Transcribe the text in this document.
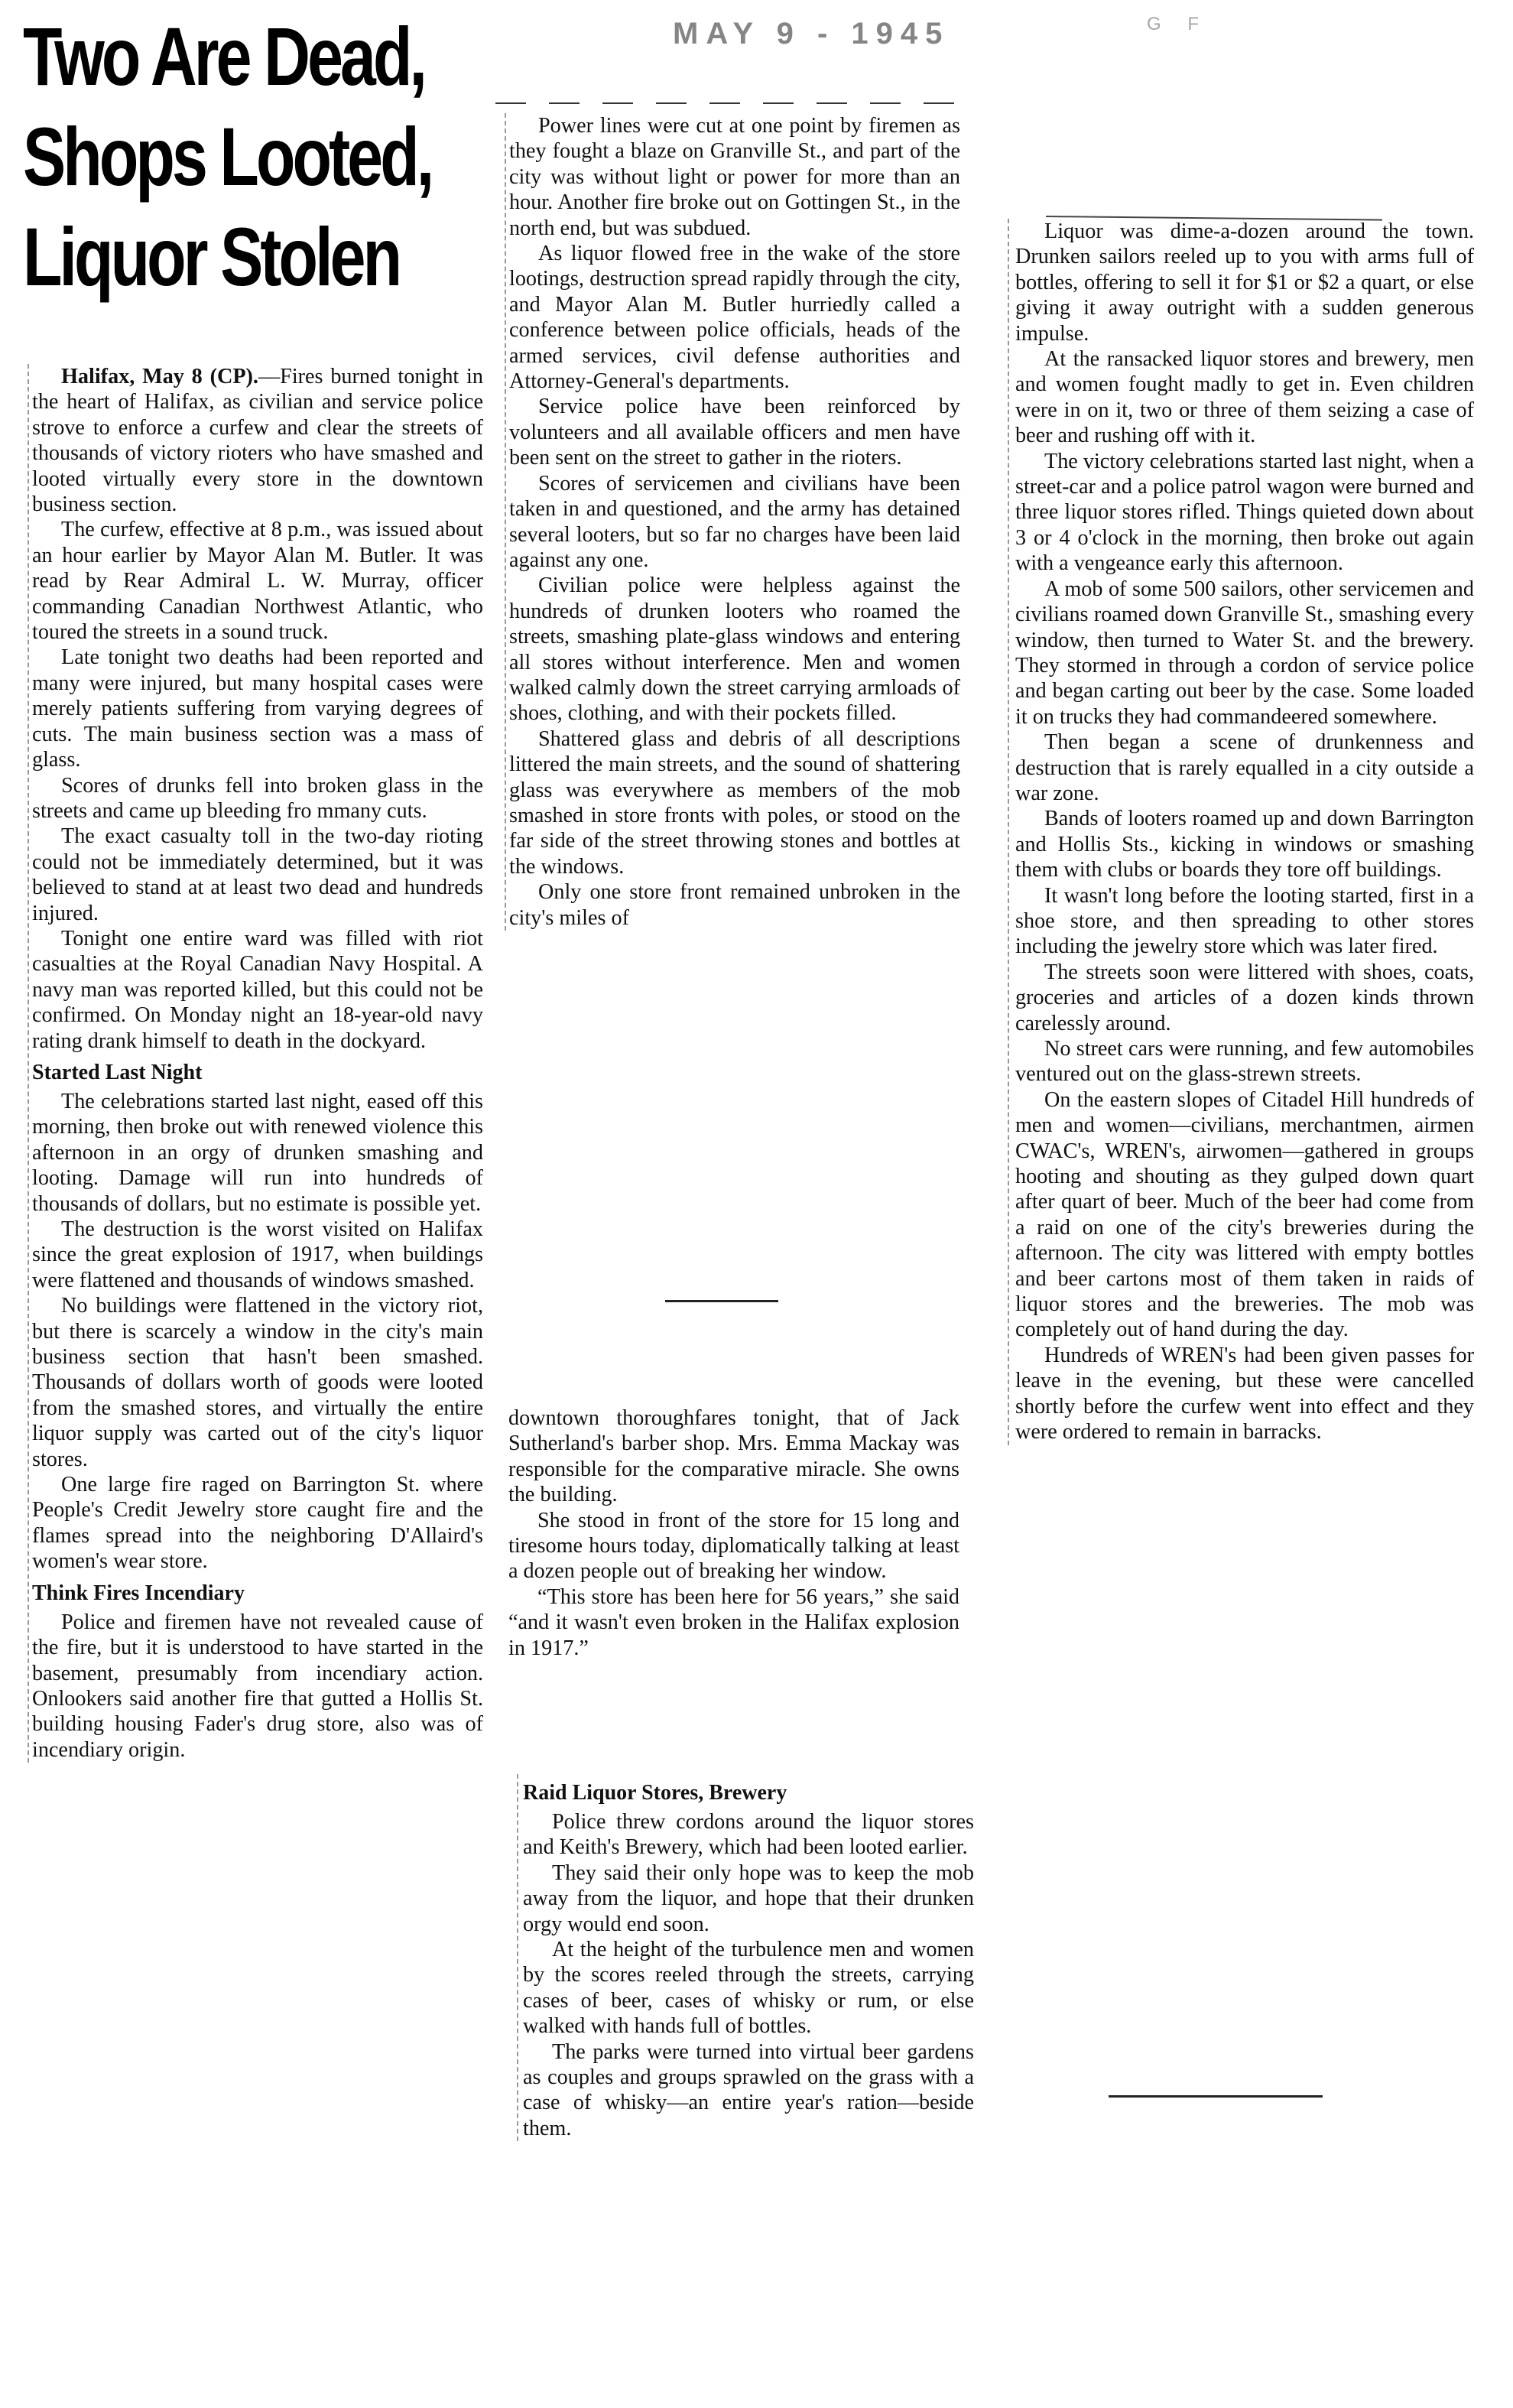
Two Are Dead,
Shops Looted,
Liquor Stolen
MAY 9 - 1945	G F

Halifax, May 8 (CP).—Fires burned tonight in the heart of Halifax, as civilian and service police strove to enforce a curfew and clear the streets of thousands of victory rioters who have smashed and looted virtually every store in the downtown business section.

The curfew, effective at 8 p.m., was issued about an hour earlier by Mayor Alan M. Butler. It was read by Rear Admiral L. W. Murray, officer commanding Canadian Northwest Atlantic, who toured the streets in a sound truck.

Late tonight two deaths had been reported and many were injured, but many hospital cases were merely patients suffering from varying degrees of cuts. The main business section was a mass of glass.

Scores of drunks fell into broken glass in the streets and came up bleeding fro mmany cuts.

The exact casualty toll in the two-day rioting could not be immediately determined, but it was believed to stand at at least two dead and hundreds injured.

Tonight one entire ward was filled with riot casualties at the Royal Canadian Navy Hospital. A navy man was reported killed, but this could not be confirmed. On Monday night an 18-year-old navy rating drank himself to death in the dockyard.

Started Last Night

The celebrations started last night, eased off this morning, then broke out with renewed violence this afternoon in an orgy of drunken smashing and looting. Damage will run into hundreds of thousands of dollars, but no estimate is possible yet.

The destruction is the worst visited on Halifax since the great explosion of 1917, when buildings were flattened and thousands of windows smashed.

No buildings were flattened in the victory riot, but there is scarcely a window in the city's main business section that hasn't been smashed. Thousands of dollars worth of goods were looted from the smashed stores, and virtually the entire liquor supply was carted out of the city's liquor stores.

One large fire raged on Barrington St. where People's Credit Jewelry store caught fire and the flames spread into the neighboring D'Allaird's women's wear store.

Think Fires Incendiary

Police and firemen have not revealed cause of the fire, but it is understood to have started in the basement, presumably from incendiary action. Onlookers said another fire that gutted a Hollis St. building housing Fader's drug store, also was of incendiary origin.

Power lines were cut at one point by firemen as they fought a blaze on Granville St., and part of the city was without light or power for more than an hour. Another fire broke out on Gottingen St., in the north end, but was subdued.

As liquor flowed free in the wake of the store lootings, destruction spread rapidly through the city, and Mayor Alan M. Butler hurriedly called a conference between police officials, heads of the armed services, civil defense authorities and Attorney-General's departments.

Service police have been reinforced by volunteers and all available officers and men have been sent on the street to gather in the rioters.

Scores of servicemen and civilians have been taken in and questioned, and the army has detained several looters, but so far no charges have been laid against any one.

Civilian police were helpless against the hundreds of drunken looters who roamed the streets, smashing plate-glass windows and entering all stores without interference. Men and women walked calmly down the street carrying armloads of shoes, clothing, and with their pockets filled.

Shattered glass and debris of all descriptions littered the main streets, and the sound of shattering glass was everywhere as members of the mob smashed in store fronts with poles, or stood on the far side of the street throwing stones and bottles at the windows.

Only one store front remained unbroken in the city's miles of

downtown thoroughfares tonight, that of Jack Sutherland's barber shop. Mrs. Emma Mackay was responsible for the comparative miracle. She owns the building.

She stood in front of the store for 15 long and tiresome hours today, diplomatically talking at least a dozen people out of breaking her window.

“This store has been here for 56 years,” she said “and it wasn't even broken in the Halifax explosion in 1917.”

Raid Liquor Stores, Brewery

Police threw cordons around the liquor stores and Keith's Brewery, which had been looted earlier.

They said their only hope was to keep the mob away from the liquor, and hope that their drunken orgy would end soon.

At the height of the turbulence men and women by the scores reeled through the streets, carrying cases of beer, cases of whisky or rum, or else walked with hands full of bottles.

The parks were turned into virtual beer gardens as couples and groups sprawled on the grass with a case of whisky—an entire year's ration—beside them.

Liquor was dime-a-dozen around the town. Drunken sailors reeled up to you with arms full of bottles, offering to sell it for $1 or $2 a quart, or else giving it away outright with a sudden generous impulse.

At the ransacked liquor stores and brewery, men and women fought madly to get in. Even children were in on it, two or three of them seizing a case of beer and rushing off with it.

The victory celebrations started last night, when a street-car and a police patrol wagon were burned and three liquor stores rifled. Things quieted down about 3 or 4 o'clock in the morning, then broke out again with a vengeance early this afternoon.

A mob of some 500 sailors, other servicemen and civilians roamed down Granville St., smashing every window, then turned to Water St. and the brewery. They stormed in through a cordon of service police and began carting out beer by the case. Some loaded it on trucks they had commandeered somewhere.

Then began a scene of drunkenness and destruction that is rarely equalled in a city outside a war zone.

Bands of looters roamed up and down Barrington and Hollis Sts., kicking in windows or smashing them with clubs or boards they tore off buildings.

It wasn't long before the looting started, first in a shoe store, and then spreading to other stores including the jewelry store which was later fired.

The streets soon were littered with shoes, coats, groceries and articles of a dozen kinds thrown carelessly around.

No street cars were running, and few automobiles ventured out on the glass-strewn streets.

On the eastern slopes of Citadel Hill hundreds of men and women—civilians, merchantmen, airmen CWAC's, WREN's, airwomen—gathered in groups hooting and shouting as they gulped down quart after quart of beer. Much of the beer had come from a raid on one of the city's breweries during the afternoon. The city was littered with empty bottles and beer cartons most of them taken in raids of liquor stores and the breweries. The mob was completely out of hand during the day.

Hundreds of WREN's had been given passes for leave in the evening, but these were cancelled shortly before the curfew went into effect and they were ordered to remain in barracks.
